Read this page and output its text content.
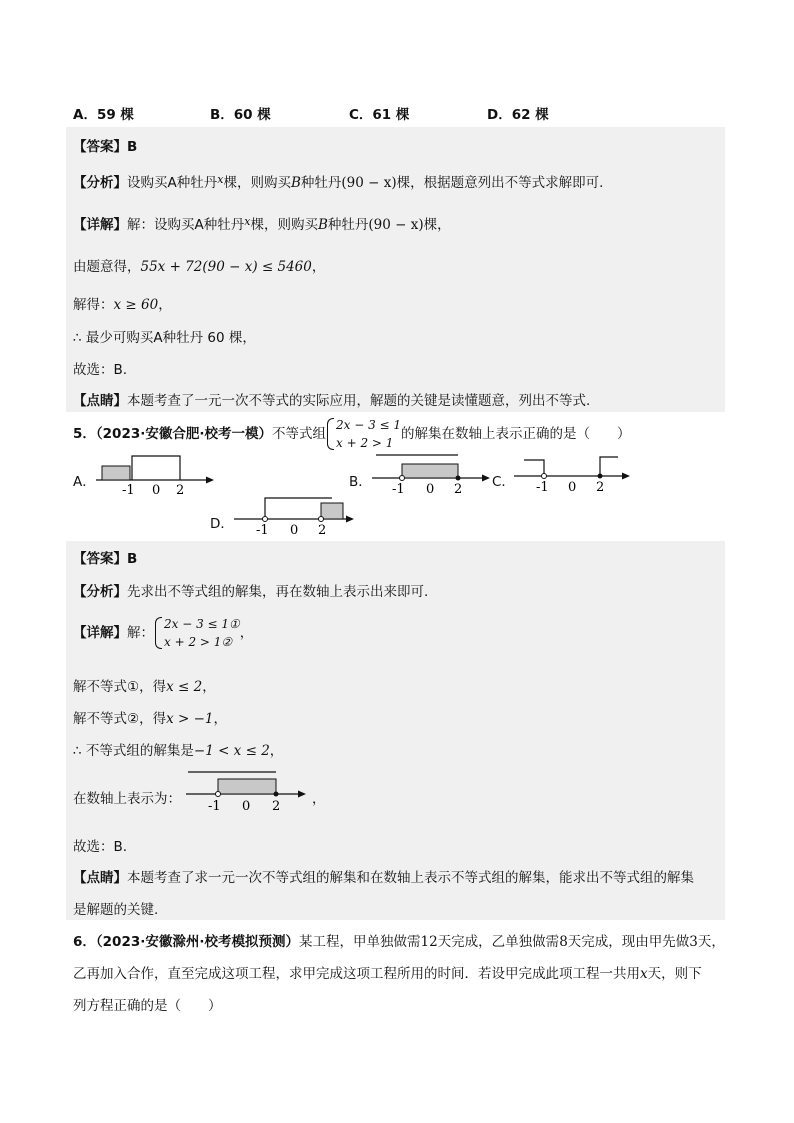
A．59 棵	B．60 棵	C．61 棵	D．62 棵
【答案】B
【分析】设购买A种牡丹$^x$棵，则购买B种牡丹(90 − x)棵，根据题意列出不等式求解即可.
【详解】解：设购买A种牡丹$^x$棵，则购买B种牡丹(90 − x)棵，
由题意得，55x + 72(90 − x) ≤ 5460，
解得：x ≥ 60，
∴ 最少可购买A种牡丹 60 棵，
故选：B.
【点睛】本题考查了一元一次不等式的实际应用，解题的关键是读懂题意，列出不等式.
5．（2023·安徽合肥·校考一模）不等式组
2x − 3 ≤ 1
x + 2 > 1
的解集在数轴上表示正确的是（　　）
A．
-1 0 2
B． -1 0 2 C． -1 0 2
D． -1 0 2
【答案】B
【分析】先求出不等式组的解集，再在数轴上表示出来即可.
【详解】解：
2x − 3 ≤ 1①
x + 2 > 1②
，
解不等式①，得x ≤ 2，
解不等式②，得x > −1，
∴ 不等式组的解集是−1 < x ≤ 2，
在数轴上表示为： -1 0 2 ，
故选：B.
【点睛】本题考查了求一元一次不等式组的解集和在数轴上表示不等式组的解集，能求出不等式组的解集
是解题的关键.
6．（2023·安徽滁州·校考模拟预测）某工程，甲单独做需12天完成，乙单独做需8天完成，现由甲先做3天，
乙再加入合作，直至完成这项工程，求甲完成这项工程所用的时间．若设甲完成此项工程一共用x天，则下
列方程正确的是（　　）
